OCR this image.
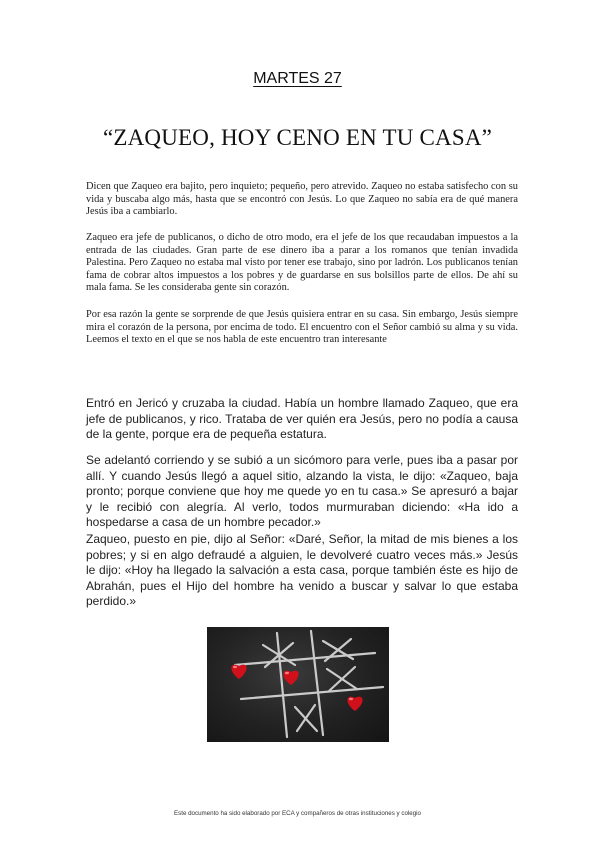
MARTES 27
“ZAQUEO, HOY CENO EN TU CASA”

Dicen que Zaqueo era bajito, pero inquieto; pequeño, pero atrevido. Zaqueo no estaba satisfecho con su vida y buscaba algo más, hasta que se encontró con Jesús. Lo que Zaqueo no sabía era de qué manera Jesús iba a cambiarlo.

Zaqueo era jefe de publicanos, o dicho de otro modo, era el jefe de los que recaudaban impuestos a la entrada de las ciudades. Gran parte de ese dinero iba a parar a los romanos que tenían invadida Palestina. Pero Zaqueo no estaba mal visto por tener ese trabajo, sino por ladrón. Los publicanos tenían fama de cobrar altos impuestos a los pobres y de guardarse en sus bolsillos parte de ellos. De ahí su mala fama. Se les consideraba gente sin corazón.

Por esa razón la gente se sorprende de que Jesús quisiera entrar en su casa. Sin embargo, Jesús siempre mira el corazón de la persona, por encima de todo. El encuentro con el Señor cambió su alma y su vida. Leemos el texto en el que se nos habla de este encuentro tran interesante

Entró en Jericó y cruzaba la ciudad. Había un hombre llamado Zaqueo, que era jefe de publicanos, y rico. Trataba de ver quién era Jesús, pero no podía a causa de la gente, porque era de pequeña estatura.

Se adelantó corriendo y se subió a un sicómoro para verle, pues iba a pasar por allí. Y cuando Jesús llegó a aquel sitio, alzando la vista, le dijo: «Zaqueo, baja pronto; porque conviene que hoy me quede yo en tu casa.» Se apresuró a bajar y le recibió con alegría. Al verlo, todos murmuraban diciendo: «Ha ido a hospedarse a casa de un hombre pecador.»

Zaqueo, puesto en pie, dijo al Señor: «Daré, Señor, la mitad de mis bienes a los pobres; y si en algo defraudé a alguien, le devolveré cuatro veces más.» Jesús le dijo: «Hoy ha llegado la salvación a esta casa, porque también éste es hijo de Abrahán, pues el Hijo del hombre ha venido a buscar y salvar lo que estaba perdido.»

Este documento ha sido elaborado por ECA y compañeros de otras instituciones y colegio
